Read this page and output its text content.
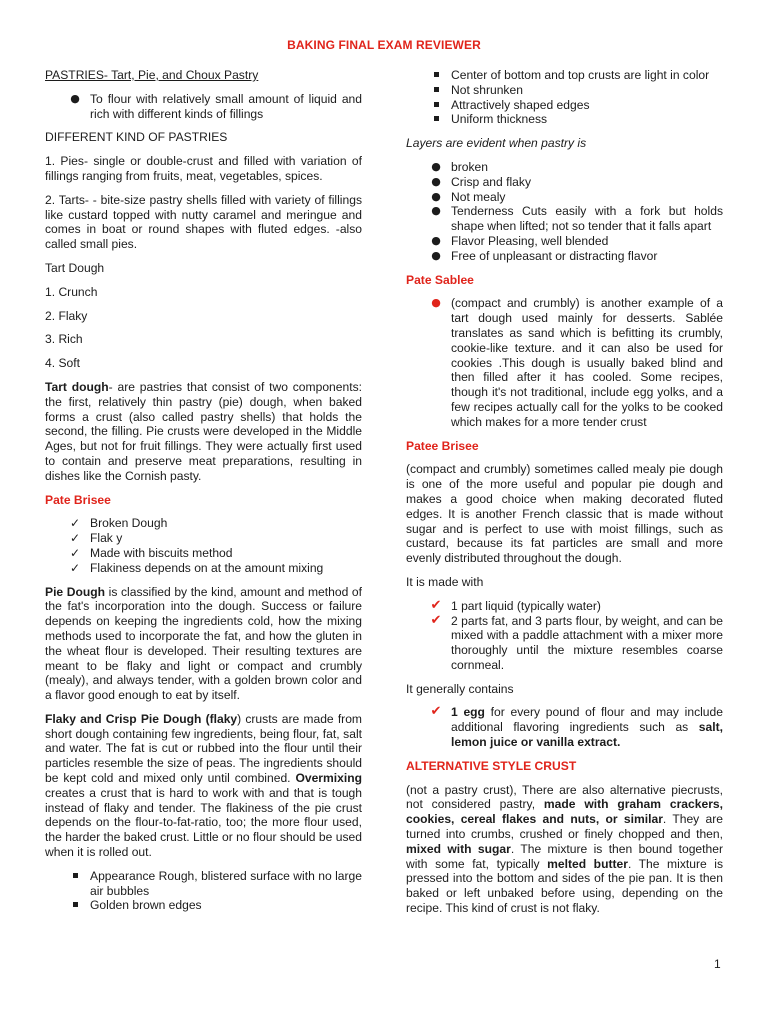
BAKING FINAL EXAM REVIEWER

PASTRIES- Tart, Pie, and Choux Pastry

● To flour with relatively small amount of liquid and rich with different kinds of fillings

DIFFERENT KIND OF PASTRIES

1. Pies- single or double-crust and filled with variation of fillings ranging from fruits, meat, vegetables, spices.

2. Tarts- - bite-size pastry shells filled with variety of fillings like custard topped with nutty caramel and meringue and comes in boat or round shapes with fluted edges. -also called small pies.

Tart Dough

1. Crunch

2. Flaky

3. Rich

4. Soft

Tart dough- are pastries that consist of two components: the first, relatively thin pastry (pie) dough, when baked forms a crust (also called pastry shells) that holds the second, the filling. Pie crusts were developed in the Middle Ages, but not for fruit fillings. They were actually first used to contain and preserve meat preparations, resulting in dishes like the Cornish pasty.

Pate Brisee

✓ Broken Dough
✓ Flak y
✓ Made with biscuits method
✓ Flakiness depends on at the amount mixing

Pie Dough is classified by the kind, amount and method of the fat's incorporation into the dough. Success or failure depends on keeping the ingredients cold, how the mixing methods used to incorporate the fat, and how the gluten in the wheat flour is developed. Their resulting textures are meant to be flaky and light or compact and crumbly (mealy), and always tender, with a golden brown color and a flavor good enough to eat by itself.

Flaky and Crisp Pie Dough (flaky) crusts are made from short dough containing few ingredients, being flour, fat, salt and water. The fat is cut or rubbed into the flour until their particles resemble the size of peas. The ingredients should be kept cold and mixed only until combined. Overmixing creates a crust that is hard to work with and that is tough instead of flaky and tender. The flakiness of the pie crust depends on the flour-to-fat-ratio, too; the more flour used, the harder the baked crust. Little or no flour should be used when it is rolled out.

Appearance Rough, blistered surface with no large air bubbles
Golden brown edges
Center of bottom and top crusts are light in color
Not shrunken
Attractively shaped edges
Uniform thickness

Layers are evident when pastry is

● broken
● Crisp and flaky
● Not mealy
● Tenderness Cuts easily with a fork but holds shape when lifted; not so tender that it falls apart
● Flavor Pleasing, well blended
● Free of unpleasant or distracting flavor

Pate Sablee

● (compact and crumbly) is another example of a tart dough used mainly for desserts. Sablée translates as sand which is befitting its crumbly, cookie-like texture. and it can also be used for cookies .This dough is usually baked blind and then filled after it has cooled. Some recipes, though it's not traditional, include egg yolks, and a few recipes actually call for the yolks to be cooked which makes for a more tender crust

Patee Brisee

(compact and crumbly) sometimes called mealy pie dough is one of the more useful and popular pie dough and makes a good choice when making decorated fluted edges. It is another French classic that is made without sugar and is perfect to use with moist fillings, such as custard, because its fat particles are small and more evenly distributed throughout the dough.

It is made with

✔ 1 part liquid (typically water)
✔ 2 parts fat, and 3 parts flour, by weight, and can be mixed with a paddle attachment with a mixer more thoroughly until the mixture resembles coarse cornmeal.

It generally contains

✔ 1 egg for every pound of flour and may include additional flavoring ingredients such as salt, lemon juice or vanilla extract.

ALTERNATIVE STYLE CRUST

(not a pastry crust), There are also alternative piecrusts, not considered pastry, made with graham crackers, cookies, cereal flakes and nuts, or similar. They are turned into crumbs, crushed or finely chopped and then, mixed with sugar. The mixture is then bound together with some fat, typically melted butter. The mixture is pressed into the bottom and sides of the pie pan. It is then baked or left unbaked before using, depending on the recipe. This kind of crust is not flaky.

1
